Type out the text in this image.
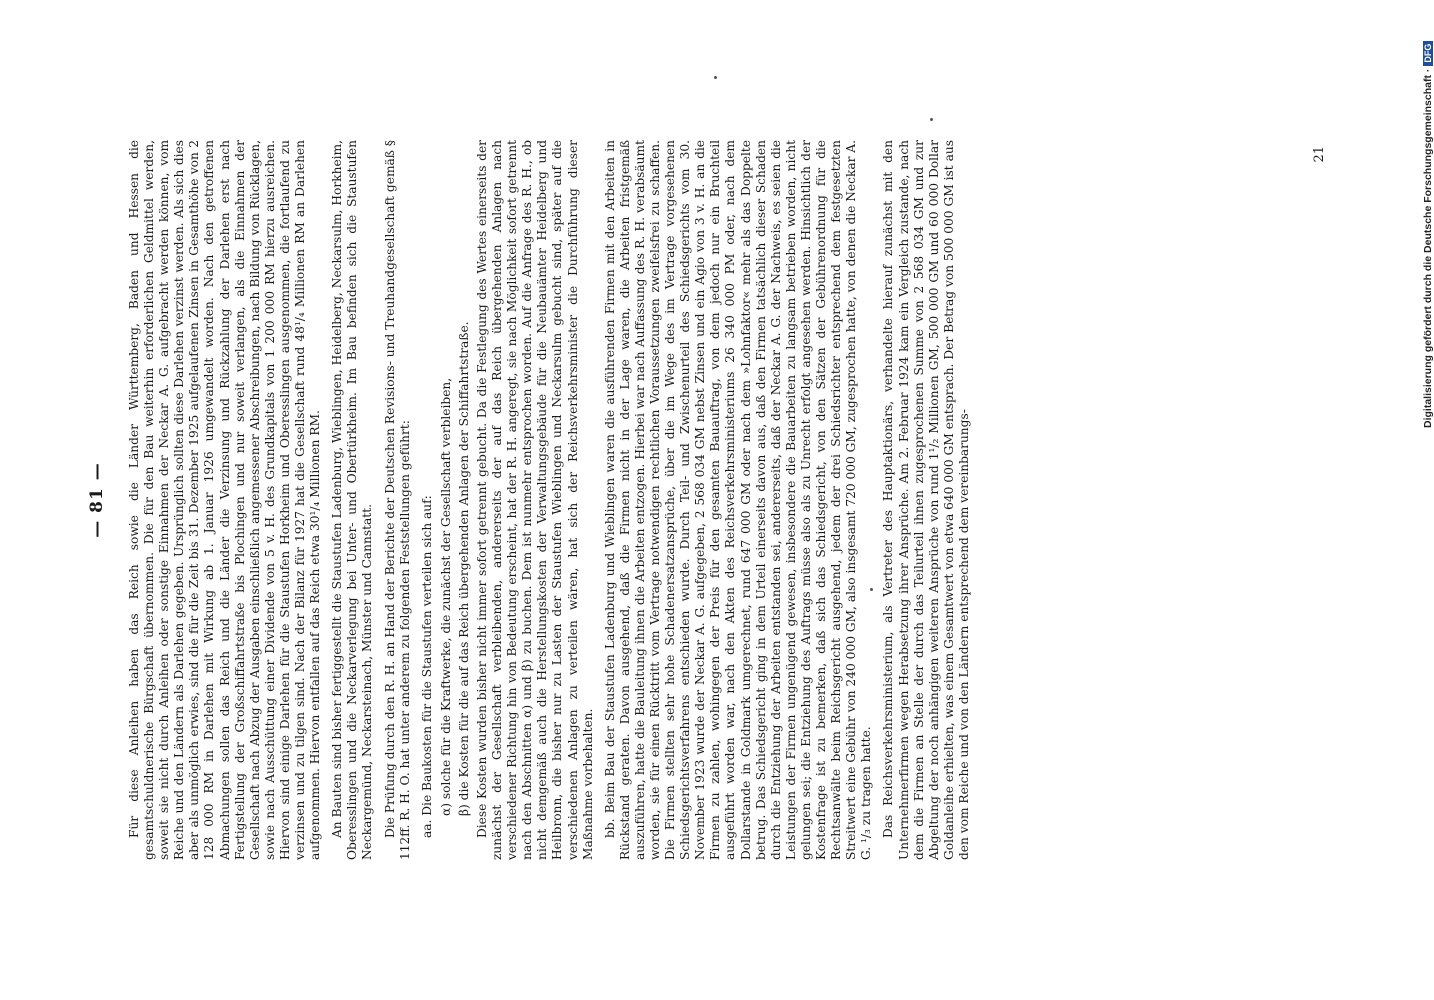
— 81 —	Für diese Anleihen haben das Reich sowie die Länder Württemberg, Baden und Hessen die gesamtschuldnerische Bürgschaft übernommen. Die für den Bau weiterhin erforderlichen Geldmittel werden, soweit sie nicht durch Anleihen oder sonstige Einnahmen der Neckar A. G. aufgebracht werden können, vom Reiche und den Ländern als Darlehen gegeben. Ursprünglich sollten diese Darlehen verzinst werden. Als sich dies aber als unmöglich erwies, sind die für die Zeit bis 31. Dezember 1925 aufgelaufenen Zinsen in Gesamthöhe von 2 128 000 RM in Darlehen mit Wirkung ab 1. Januar 1926 umgewandelt worden. Nach den getroffenen Abmachungen sollen das Reich und die Länder die Verzinsung und Rückzahlung der Darlehen erst nach Fertigstellung der Großschiffahrtstraße bis Plochingen und nur soweit verlangen, als die Einnahmen der Gesellschaft nach Abzug der Ausgaben einschließlich angemessener Abschreibungen, nach Bildung von Rücklagen, sowie nach Ausschüttung einer Dividende von 5 v. H. des Grundkapitals von 1 200 000 RM hierzu ausreichen. Hiervon sind einige Darlehen für die Staustufen Horkheim und Oberesslingen ausgenommen, die fortlaufend zu verzinsen und zu tilgen sind. Nach der Bilanz für 1927 hat die Gesellschaft rund 48¹/₄ Millionen RM an Darlehen aufgenommen. Hiervon entfallen auf das Reich etwa 30¹/₄ Millionen RM. An Bauten sind bisher fertiggestellt die Staustufen Ladenburg, Wieblingen, Heidelberg, Neckarsulm, Horkheim, Oberesslingen und die Neckarverlegung bei Unter- und Obertürkheim. Im Bau befinden sich die Staustufen Neckargemünd, Neckarsteinach, Münster und Cannstatt. Die Prüfung durch den R. H. an Hand der Berichte der Deutschen Revisions- und Treuhandgesellschaft gemäß § 112ff. R. H. O. hat unter anderem zu folgenden Feststellungen geführt: aa. Die Baukosten für die Staustufen verteilen sich auf: α) solche für die Kraftwerke, die zunächst der Gesellschaft verbleiben, β) die Kosten für die auf das Reich übergehenden Anlagen der Schiffahrtstraße. Diese Kosten wurden bisher nicht immer sofort getrennt gebucht. Da die Festlegung des Wertes einerseits der zunächst der Gesellschaft verbleibenden, andererseits der auf das Reich übergehenden Anlagen nach verschiedener Richtung hin von Bedeutung erscheint, hat der R. H. angeregt, sie nach Möglichkeit sofort getrennt nach den Abschnitten α) und β) zu buchen. Dem ist nunmehr entsprochen worden. Auf die Anfrage des R. H., ob nicht demgemäß auch die Herstellungskosten der Verwaltungsgebäude für die Neubauämter Heidelberg und Heilbronn, die bisher nur zu Lasten der Staustufen Wieblingen und Neckarsulm gebucht sind, später auf die verschiedenen Anlagen zu verteilen wären, hat sich der Reichsverkehrsminister die Durchführung dieser Maßnahme vorbehalten. bb. Beim Bau der Staustufen Ladenburg und Wieblingen waren die ausführenden Firmen mit den Arbeiten in Rückstand geraten. Davon ausgehend, daß die Firmen nicht in der Lage waren, die Arbeiten fristgemäß auszuführen, hatte die Bauleitung ihnen die Arbeiten entzogen. Hierbei war nach Auffassung des R. H. verabsäumt worden, sie für einen Rücktritt vom Vertrage notwendigen rechtlichen Voraussetzungen zweifelsfrei zu schaffen. Die Firmen stellten sehr hohe Schadenersatzansprüche, über die im Wege des im Vertrage vorgesehenen Schiedsgerichtsverfahrens entschieden wurde. Durch Teil- und Zwischenurteil des Schiedsgerichts vom 30. November 1923 wurde der Neckar A. G. aufgegeben, 2 568 034 GM nebst Zinsen und ein Agio von 3 v. H. an die Firmen zu zahlen, wohingegen der Preis für den gesamten Bauauftrag, von dem jedoch nur ein Bruchteil ausgeführt worden war, nach den Akten des Reichsverkehrsministeriums 26 340 000 PM oder, nach dem Dollarstande in Goldmark umgerechnet, rund 647 000 GM oder nach dem »Lohnfaktor« mehr als das Doppelte betrug. Das Schiedsgericht ging in dem Urteil einerseits davon aus, daß den Firmen tatsächlich dieser Schaden durch die Entziehung der Arbeiten entstanden sei, andererseits, daß der Neckar A. G. der Nachweis, es seien die Leistungen der Firmen ungenügend gewesen, insbesondere die Bauarbeiten zu langsam betrieben worden, nicht gelungen sei; die Entziehung des Auftrags müsse also als zu Unrecht erfolgt angesehen werden. Hinsichtlich der Kostenfrage ist zu bemerken, daß sich das Schiedsgericht, von den Sätzen der Gebührenordnung für die Rechtsanwälte beim Reichsgericht ausgehend, jedem der drei Schiedsrichter entsprechend dem festgesetzten Streitwert eine Gebühr von 240 000 GM, also insgesamt 720 000 GM, zugesprochen hatte, von denen die Neckar A. G. ¹/₃ zu tragen hatte. Das Reichsverkehrsministerium, als Vertreter des Hauptaktionärs, verhandelte hierauf zunächst mit den Unternehmerfirmen wegen Herabsetzung ihrer Ansprüche. Am 2. Februar 1924 kam ein Vergleich zustande, nach dem die Firmen an Stelle der durch das Teilurteil ihnen zugesprochenen Summe von 2 568 034 GM und zur Abgeltung der noch anhängigen weiteren Ansprüche von rund 1¹/₂ Millionen GM, 500 000 GM und 60 000 Dollar Goldanleihe erhielten, was einem Gesamtwert von etwa 640 000 GM entsprach. Der Betrag von 500 000 GM ist aus den vom Reiche und von den Ländern entsprechend dem vereinbarungs-

21	Digitalisierung gefördert durch die Deutsche Forschungsgemeinschaft ·DFG
